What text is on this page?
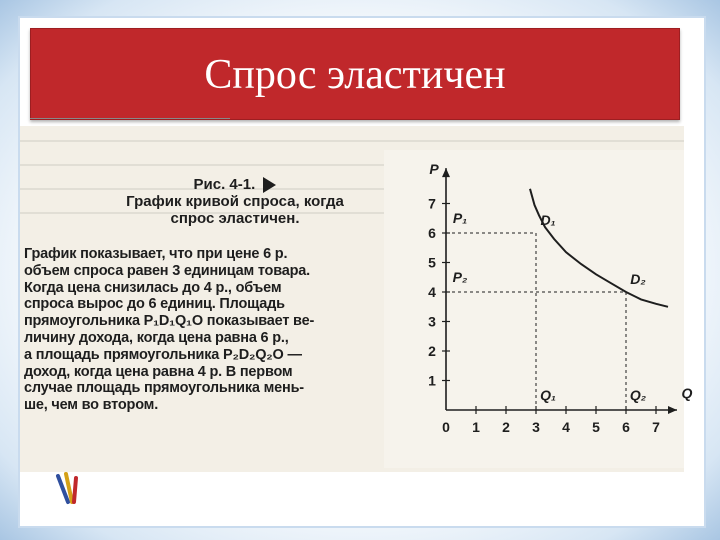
Спрос эластичен
Рис. 4-1.
График кривой спроса, когда
спрос эластичен.
График показывает, что при цене 6 р.
объем спроса равен 3 единицам товара.
Когда цена снизилась до 4 р., объем
спроса вырос до 6 единиц. Площадь
прямоугольника P₁D₁Q₁O показывает ве-
личину дохода, когда цена равна 6 р.,
а площадь прямоугольника P₂D₂Q₂O —
доход, когда цена равна 4 р. В первом
случае площадь прямоугольника мень-
ше, чем во втором.
Q
P
0 1 2 3 4 5 6 7
1
2
3
4
5
6
7
D₁
D₂
P₁
P₂
Q₁	Q₂
